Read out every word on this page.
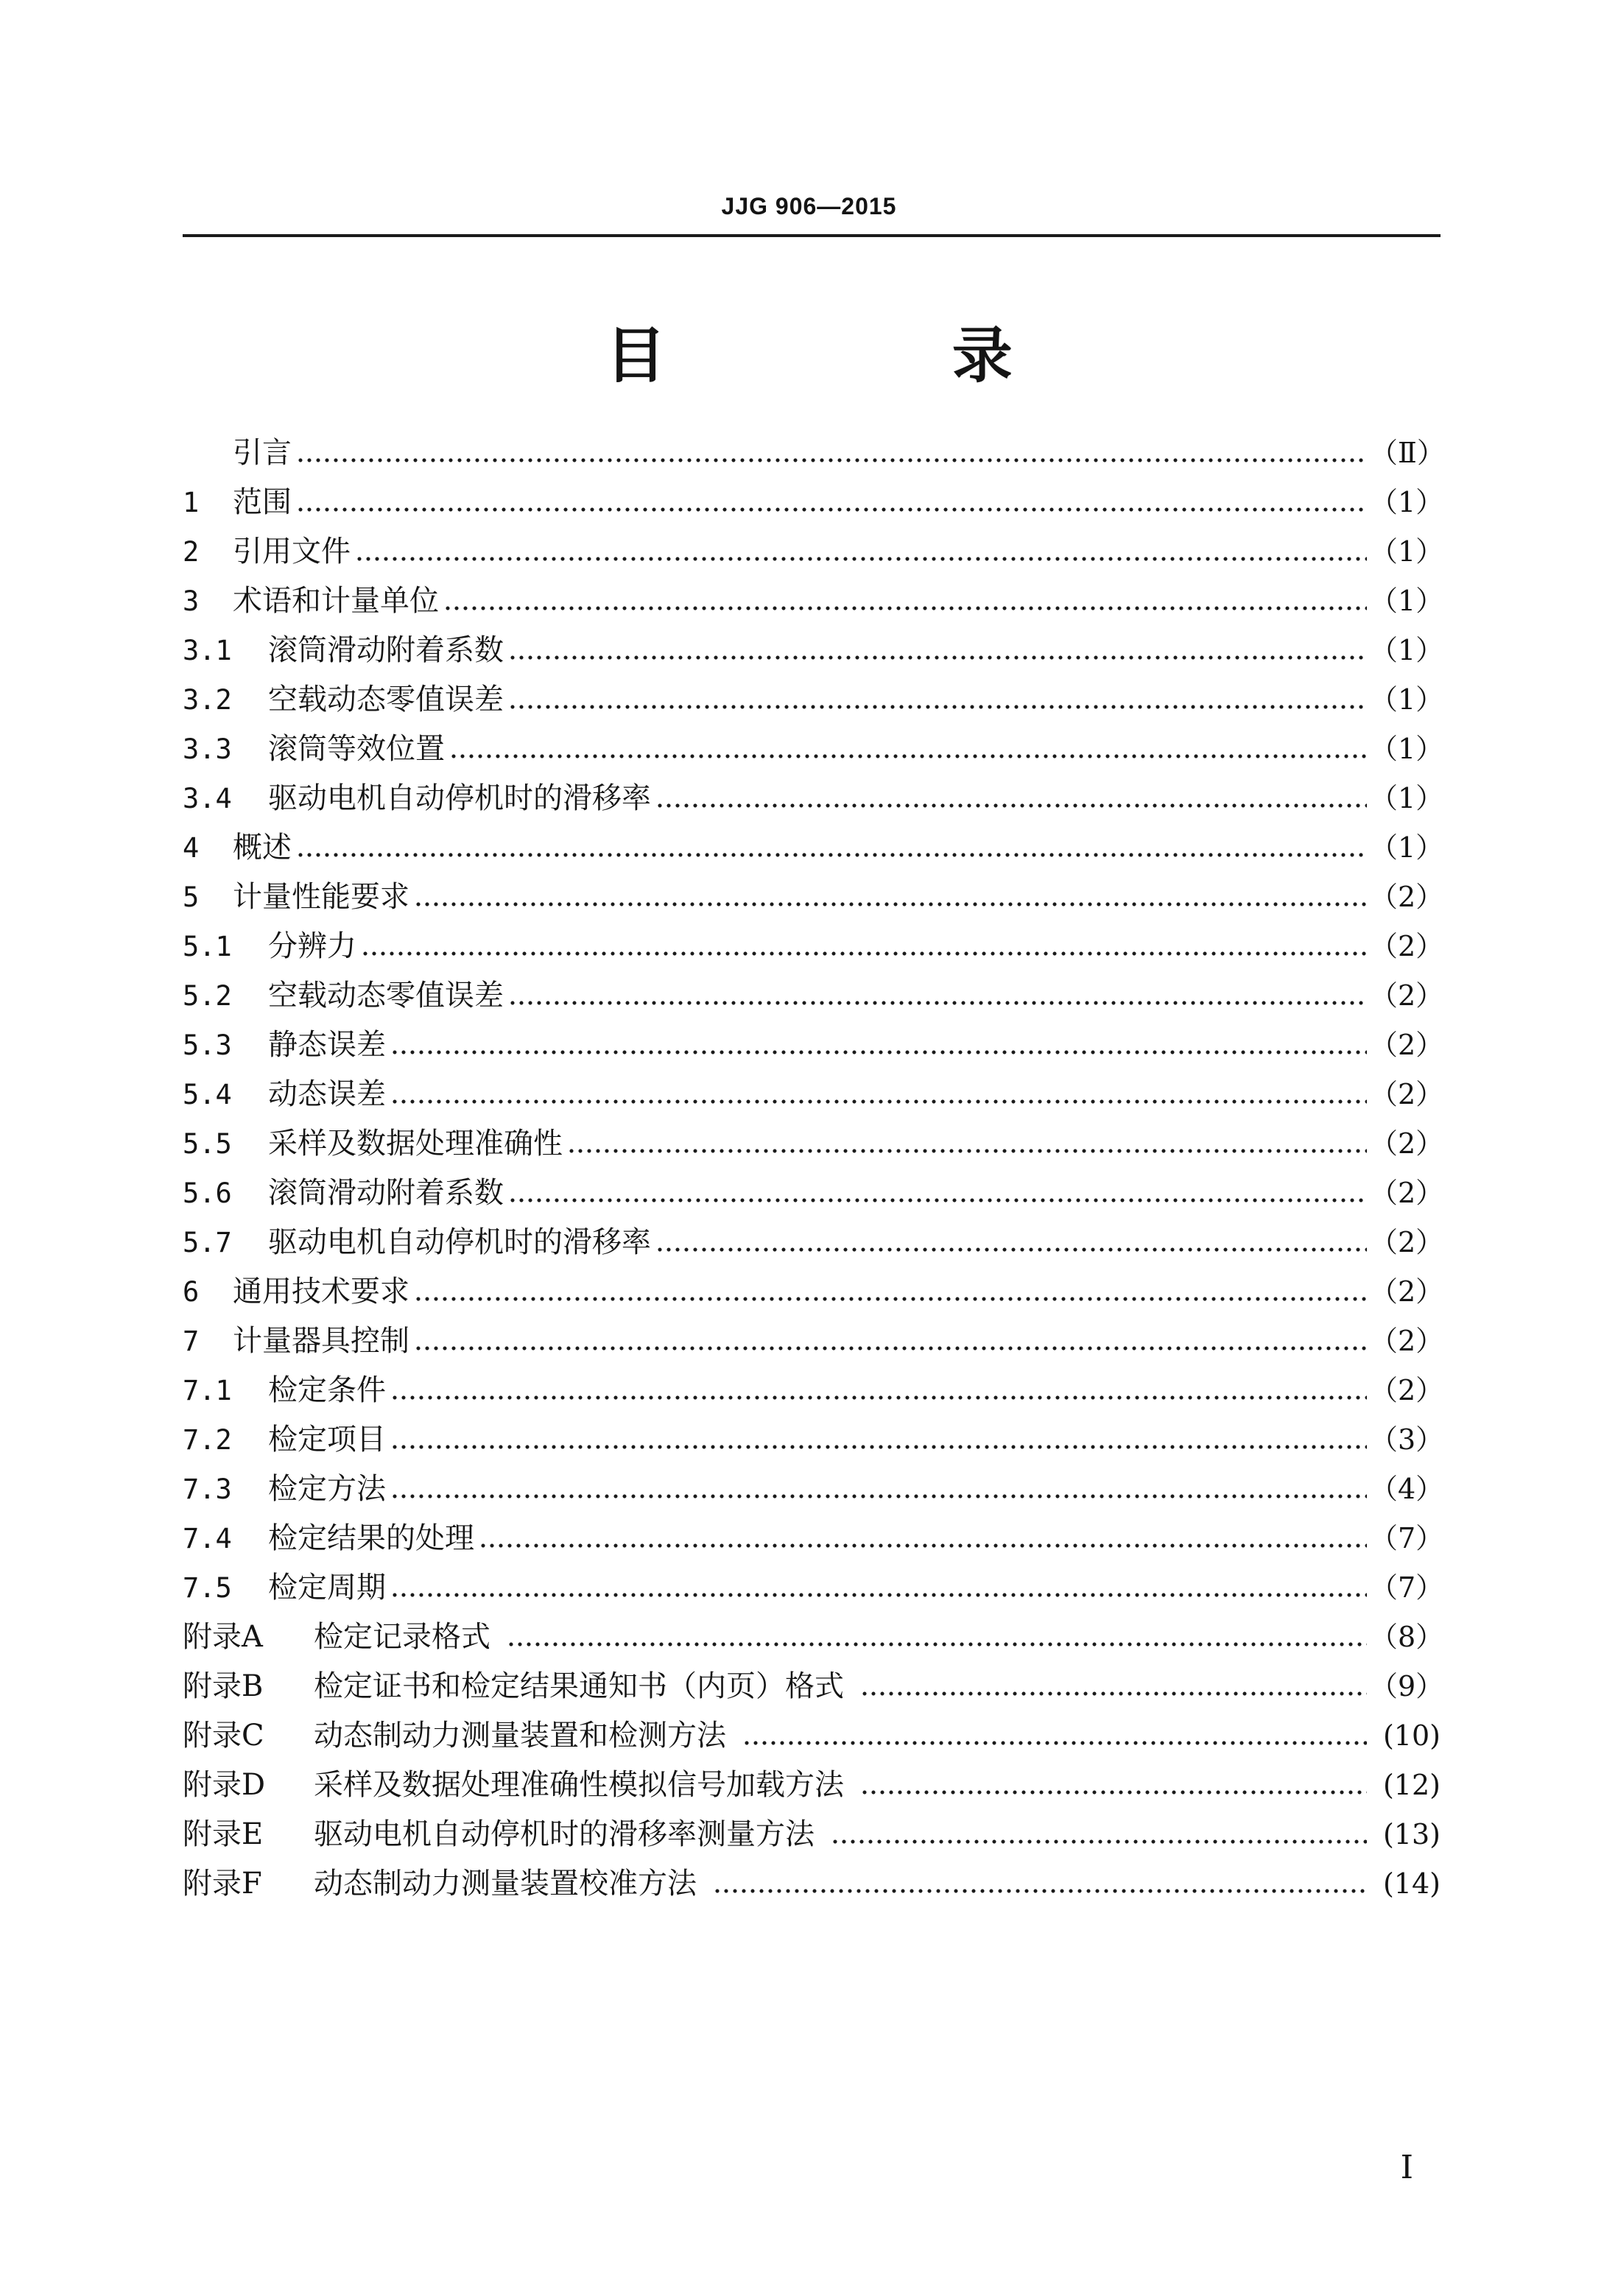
JJG 906—2015
目 录
引言	（Ⅱ）
1	范围	（1）
2	引用文件	（1）
3	术语和计量单位	（1）
3.1	滚筒滑动附着系数	（1）
3.2	空载动态零值误差	（1）
3.3	滚筒等效位置	（1）
3.4	驱动电机自动停机时的滑移率	（1）
4	概述	（1）
5	计量性能要求	（2）
5.1	分辨力	（2）
5.2	空载动态零值误差	（2）
5.3	静态误差	（2）
5.4	动态误差	（2）
5.5	采样及数据处理准确性	（2）
5.6	滚筒滑动附着系数	（2）
5.7	驱动电机自动停机时的滑移率	（2）
6	通用技术要求	（2）
7	计量器具控制	（2）
7.1	检定条件	（2）
7.2	检定项目	（3）
7.3	检定方法	（4）
7.4	检定结果的处理	（7）
7.5	检定周期	（7）
附录A	检定记录格式	（8）
附录B	检定证书和检定结果通知书（内页）格式	（9）
附录C	动态制动力测量装置和检测方法	(10)
附录D	采样及数据处理准确性模拟信号加载方法	(12)
附录E	驱动电机自动停机时的滑移率测量方法	(13)
附录F	动态制动力测量装置校准方法	(14)
I
